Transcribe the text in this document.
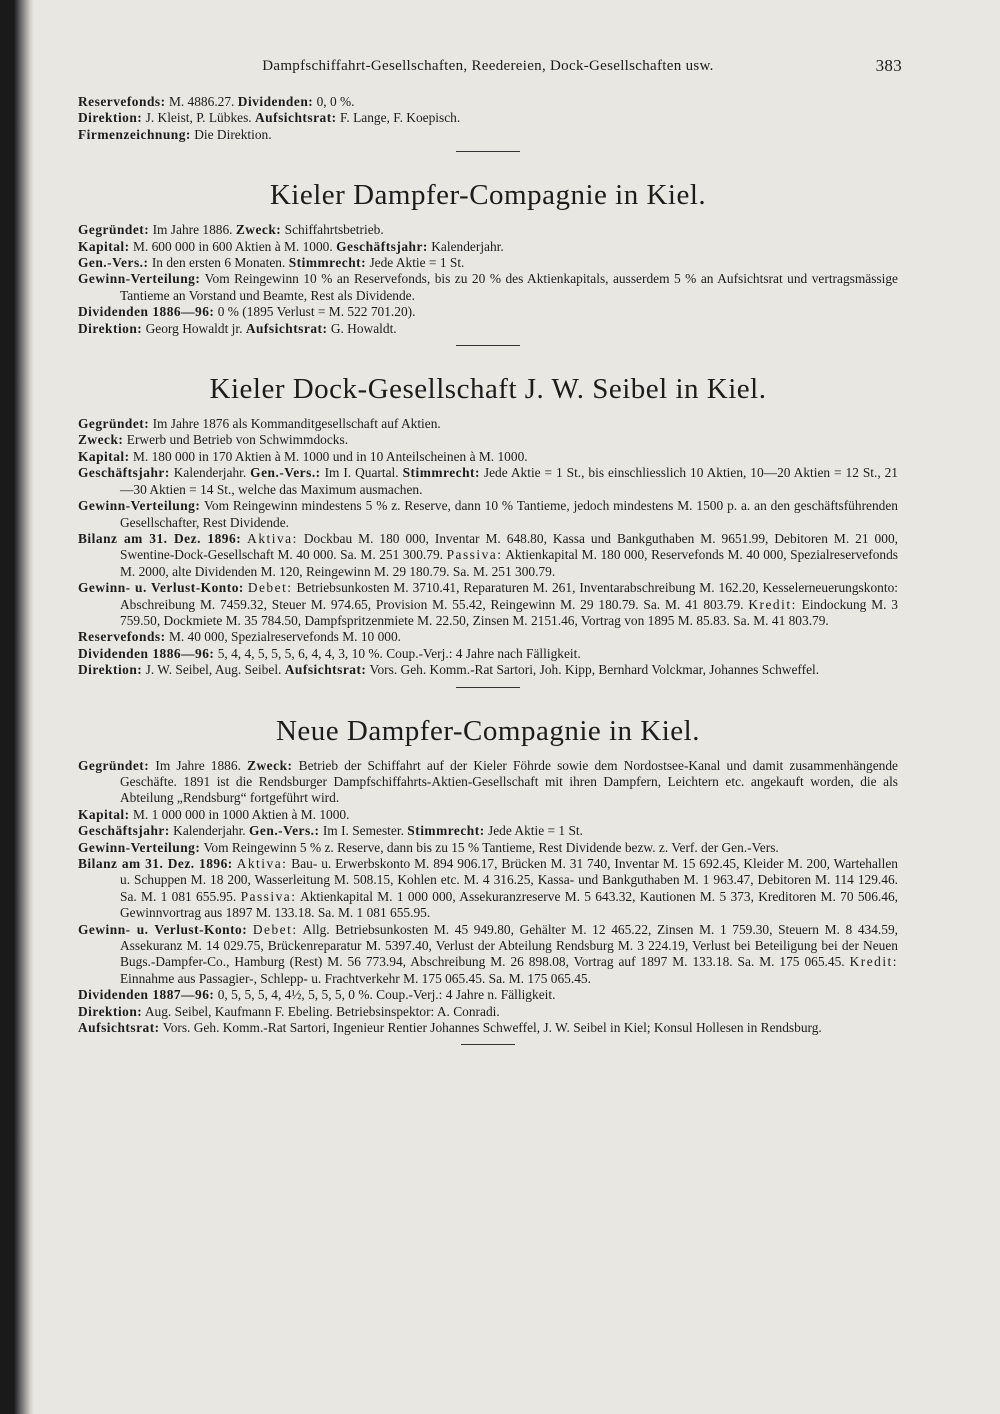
Dampfschiffahrt-Gesellschaften, Reedereien, Dock-Gesellschaften usw.	383
Reservefonds: M. 4886.27. Dividenden: 0, 0 %.
Direktion: J. Kleist, P. Lübkes. Aufsichtsrat: F. Lange, F. Koepisch.
Firmenzeichnung: Die Direktion.
Kieler Dampfer-Compagnie in Kiel.
Gegründet: Im Jahre 1886. Zweck: Schiffahrtsbetrieb.
Kapital: M. 600 000 in 600 Aktien à M. 1000. Geschäftsjahr: Kalenderjahr.
Gen.-Vers.: In den ersten 6 Monaten. Stimmrecht: Jede Aktie = 1 St.
Gewinn-Verteilung: Vom Reingewinn 10 % an Reservefonds, bis zu 20 % des Aktienkapitals, ausserdem 5 % an Aufsichtsrat und vertragsmässige Tantieme an Vorstand und Beamte, Rest als Dividende.
Dividenden 1886—96: 0 % (1895 Verlust = M. 522 701.20).
Direktion: Georg Howaldt jr. Aufsichtsrat: G. Howaldt.
Kieler Dock-Gesellschaft J. W. Seibel in Kiel.
Gegründet: Im Jahre 1876 als Kommanditgesellschaft auf Aktien.
Zweck: Erwerb und Betrieb von Schwimmdocks.
Kapital: M. 180 000 in 170 Aktien à M. 1000 und in 10 Anteilscheinen à M. 1000.
Geschäftsjahr: Kalenderjahr. Gen.-Vers.: Im I. Quartal. Stimmrecht: Jede Aktie = 1 St., bis einschliesslich 10 Aktien, 10—20 Aktien = 12 St., 21—30 Aktien = 14 St., welche das Maximum ausmachen.
Gewinn-Verteilung: Vom Reingewinn mindestens 5 % z. Reserve, dann 10 % Tantieme, jedoch mindestens M. 1500 p. a. an den geschäftsführenden Gesellschafter, Rest Dividende.
Bilanz am 31. Dez. 1896: Aktiva: Dockbau M. 180 000, Inventar M. 648.80, Kassa und Bankguthaben M. 9651.99, Debitoren M. 21 000, Swentine-Dock-Gesellschaft M. 40 000. Sa. M. 251 300.79. Passiva: Aktienkapital M. 180 000, Reservefonds M. 40 000, Spezialreservefonds M. 2000, alte Dividenden M. 120, Reingewinn M. 29 180.79. Sa. M. 251 300.79.
Gewinn- u. Verlust-Konto: Debet: Betriebsunkosten M. 3710.41, Reparaturen M. 261, Inventarabschreibung M. 162.20, Kesselerneuerungskonto: Abschreibung M. 7459.32, Steuer M. 974.65, Provision M. 55.42, Reingewinn M. 29 180.79. Sa. M. 41 803.79. Kredit: Eindockung M. 3 759.50, Dockmiete M. 35 784.50, Dampfspritzenmiete M. 22.50, Zinsen M. 2151.46, Vortrag von 1895 M. 85.83. Sa. M. 41 803.79.
Reservefonds: M. 40 000, Spezialreservefonds M. 10 000.
Dividenden 1886—96: 5, 4, 4, 5, 5, 5, 6, 4, 4, 3, 10 %. Coup.-Verj.: 4 Jahre nach Fälligkeit.
Direktion: J. W. Seibel, Aug. Seibel. Aufsichtsrat: Vors. Geh. Komm.-Rat Sartori, Joh. Kipp, Bernhard Volckmar, Johannes Schweffel.
Neue Dampfer-Compagnie in Kiel.
Gegründet: Im Jahre 1886. Zweck: Betrieb der Schiffahrt auf der Kieler Föhrde sowie dem Nordostsee-Kanal und damit zusammenhängende Geschäfte. 1891 ist die Rendsburger Dampfschiffahrts-Aktien-Gesellschaft mit ihren Dampfern, Leichtern etc. angekauft worden, die als Abteilung „Rendsburg“ fortgeführt wird.
Kapital: M. 1 000 000 in 1000 Aktien à M. 1000.
Geschäftsjahr: Kalenderjahr. Gen.-Vers.: Im I. Semester. Stimmrecht: Jede Aktie = 1 St.
Gewinn-Verteilung: Vom Reingewinn 5 % z. Reserve, dann bis zu 15 % Tantieme, Rest Dividende bezw. z. Verf. der Gen.-Vers.
Bilanz am 31. Dez. 1896: Aktiva: Bau- u. Erwerbskonto M. 894 906.17, Brücken M. 31 740, Inventar M. 15 692.45, Kleider M. 200, Wartehallen u. Schuppen M. 18 200, Wasserleitung M. 508.15, Kohlen etc. M. 4 316.25, Kassa- und Bankguthaben M. 1 963.47, Debitoren M. 114 129.46. Sa. M. 1 081 655.95. Passiva: Aktienkapital M. 1 000 000, Assekuranzreserve M. 5 643.32, Kautionen M. 5 373, Kreditoren M. 70 506.46, Gewinnvortrag aus 1897 M. 133.18. Sa. M. 1 081 655.95.
Gewinn- u. Verlust-Konto: Debet: Allg. Betriebsunkosten M. 45 949.80, Gehälter M. 12 465.22, Zinsen M. 1 759.30, Steuern M. 8 434.59, Assekuranz M. 14 029.75, Brückenreparatur M. 5397.40, Verlust der Abteilung Rendsburg M. 3 224.19, Verlust bei Beteiligung bei der Neuen Bugs.-Dampfer-Co., Hamburg (Rest) M. 56 773.94, Abschreibung M. 26 898.08, Vortrag auf 1897 M. 133.18. Sa. M. 175 065.45. Kredit: Einnahme aus Passagier-, Schlepp- u. Frachtverkehr M. 175 065.45. Sa. M. 175 065.45.
Dividenden 1887—96: 0, 5, 5, 5, 4, 4½, 5, 5, 5, 0 %. Coup.-Verj.: 4 Jahre n. Fälligkeit.
Direktion: Aug. Seibel, Kaufmann F. Ebeling. Betriebsinspektor: A. Conradi.
Aufsichtsrat: Vors. Geh. Komm.-Rat Sartori, Ingenieur Rentier Johannes Schweffel, J. W. Seibel in Kiel; Konsul Hollesen in Rendsburg.
